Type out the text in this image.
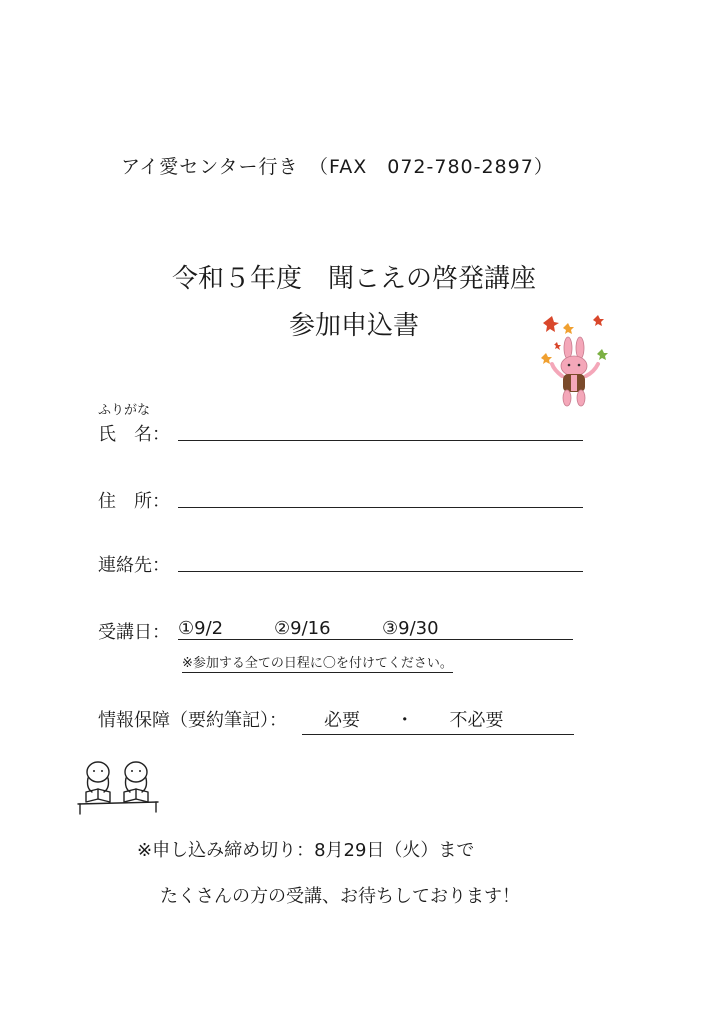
アイ愛センター行き　（FAX　072-780-2897）
令和５年度　聞こえの啓発講座
参加申込書
ふりがな
氏　名：
住　所：
連絡先：
受講日： ①9/2	②9/16	③9/30
※参加する全ての日程に〇を付けてください。
情報保障（要約筆記）：	必要 ・ 不必要
※申し込み締め切り：8月29日（火）まで
たくさんの方の受講、お待ちしております！
